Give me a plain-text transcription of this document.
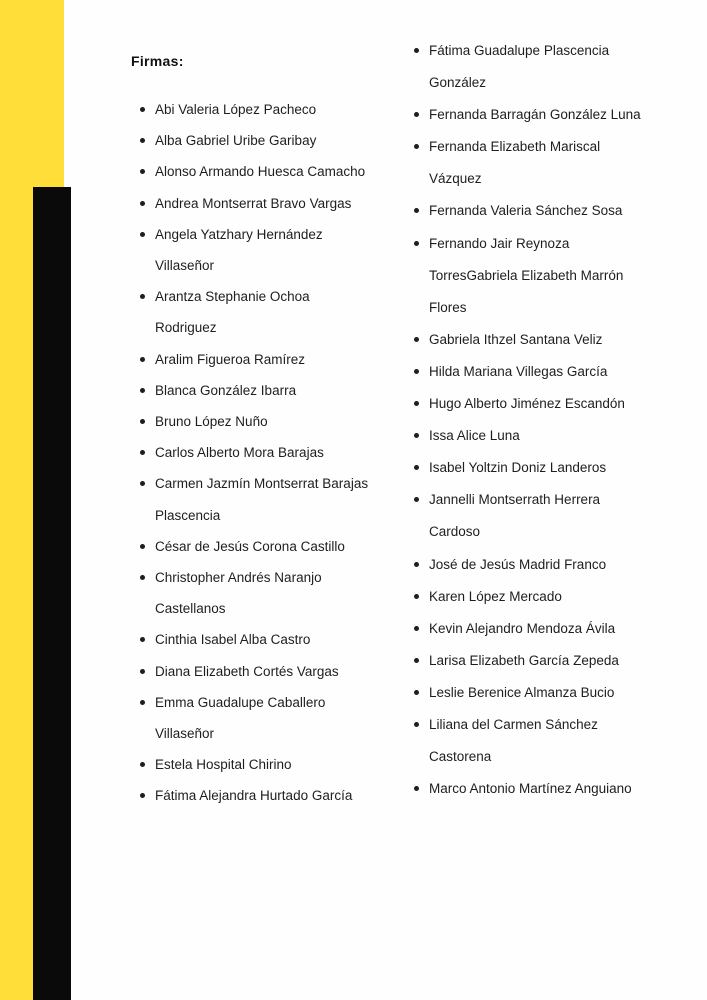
Firmas:
Abi Valeria López Pacheco
Alba Gabriel Uribe Garibay
Alonso Armando Huesca Camacho
Andrea Montserrat Bravo Vargas
Angela Yatzhary Hernández Villaseñor
Arantza Stephanie Ochoa Rodriguez
Aralim Figueroa Ramírez
Blanca González Ibarra
Bruno López Nuño
Carlos Alberto Mora Barajas
Carmen Jazmín Montserrat Barajas Plascencia
César de Jesús Corona Castillo
Christopher Andrés Naranjo Castellanos
Cinthia Isabel Alba Castro
Diana Elizabeth Cortés Vargas
Emma Guadalupe Caballero Villaseñor
Estela Hospital Chirino
Fátima Alejandra Hurtado García
Fátima Guadalupe Plascencia González
Fernanda Barragán González Luna
Fernanda Elizabeth Mariscal Vázquez
Fernanda Valeria Sánchez Sosa
Fernando Jair Reynoza TorresGabriela Elizabeth Marrón Flores
Gabriela Ithzel Santana Veliz
Hilda Mariana Villegas García
Hugo Alberto Jiménez Escandón
Issa Alice Luna
Isabel Yoltzin Doniz Landeros
Jannelli Montserrath Herrera Cardoso
José de Jesús Madrid Franco
Karen López Mercado
Kevin Alejandro Mendoza Ávila
Larisa Elizabeth García Zepeda
Leslie Berenice Almanza Bucio
Liliana del Carmen Sánchez Castorena
Marco Antonio Martínez Anguiano
